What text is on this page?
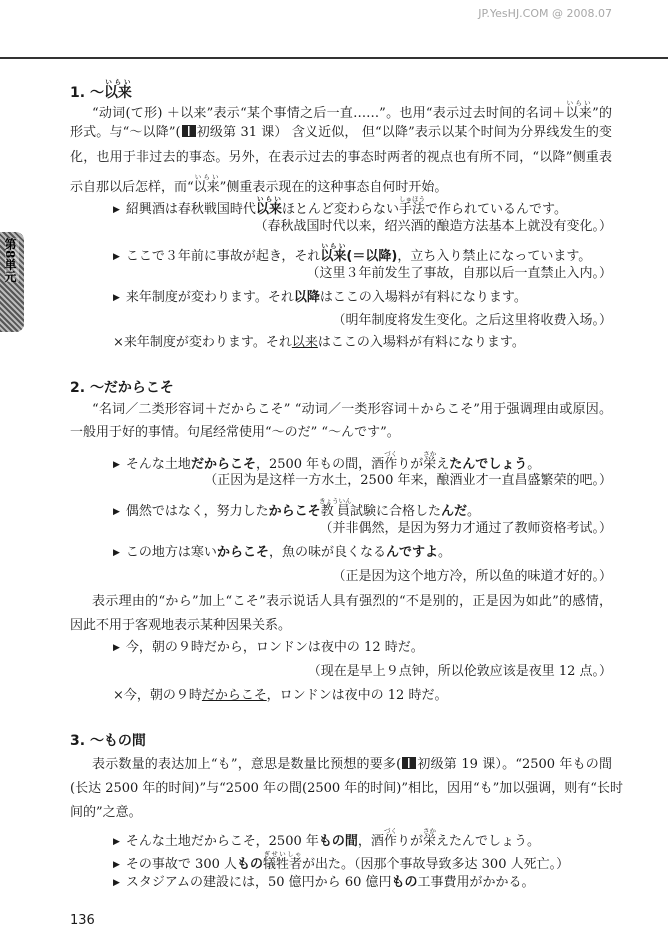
JP.YesHJ.COM @ 2008.07
第8単元
1. ～以来いらい
“动词(て形) ＋以来”表示“某个事情之后一直……”。也用“表示过去时间的名词＋以来いらい”的
形式。与“～以降”( 初级第 31 课） 含义近似， 但“以降”表示以某个时间为分界线发生的变
化，也用于非过去的事态。另外，在表示过去的事态时两者的视点也有所不同，“以降”侧重表
示自那以后怎样，而“以来いらい”侧重表示现在的这种事态自何时开始。
▶ 紹興酒は春秋戦国時代以来いらいほとんど変わらない手法しゅほうで作られているんです。
（春秋战国时代以来，绍兴酒的酿造方法基本上就没有变化。）
▶ ここで３年前に事故が起き，それ以来いらい(＝以降)，立ち入り禁止になっています。
（这里３年前发生了事故，自那以后一直禁止入内。）
▶ 来年制度が変わります。それ以降はここの入場料が有料になります。
（明年制度将发生变化。之后这里将收费入场。）
×来年制度が変わります。それ以来はここの入場料が有料になります。
2. ～だからこそ
“名词／二类形容词＋だからこそ” “动词／一类形容词＋からこそ”用于强调理由或原因。
一般用于好的事情。句尾经常使用“～のだ” “～んです”。
▶ そんな土地だからこそ，2500 年もの間，酒作づくりが栄さかえたんでしょう。
（正因为是这样一方水土，2500 年来，酿酒业才一直昌盛繁荣的吧。）
▶ 偶然ではなく，努力したからこそ教員きょういん試験に合格したんだ。
（并非偶然，是因为努力才通过了教师资格考试。）
▶ この地方は寒いからこそ，魚の味が良くなるんですよ。
（正是因为这个地方冷，所以鱼的味道才好的。）
表示理由的“から”加上“こそ”表示说话人具有强烈的“不是别的，正是因为如此”的感情，
因此不用于客观地表示某种因果关系。
▶ 今，朝の９時だから，ロンドンは夜中の 12 時だ。
（现在是早上９点钟，所以伦敦应该是夜里 12 点。）
×今，朝の９時だからこそ，ロンドンは夜中の 12 時だ。
3. ～もの間
表示数量的表达加上“も”，意思是数量比预想的要多( 初级第 19 课）。“2500 年もの間
(长达 2500 年的时间)”与“2500 年の間(2500 年的时间)”相比，因用“も”加以强调，则有“长时
间的”之意。
▶ そんな土地だからこそ，2500 年もの間，酒作づくりが栄さかえたんでしょう。
▶ その事故で 300 人もの犠牲者ぎせいしゃが出た。（因那个事故导致多达 300 人死亡。）
▶ スタジアムの建設には，50 億円から 60 億円もの工事費用がかかる。
136
